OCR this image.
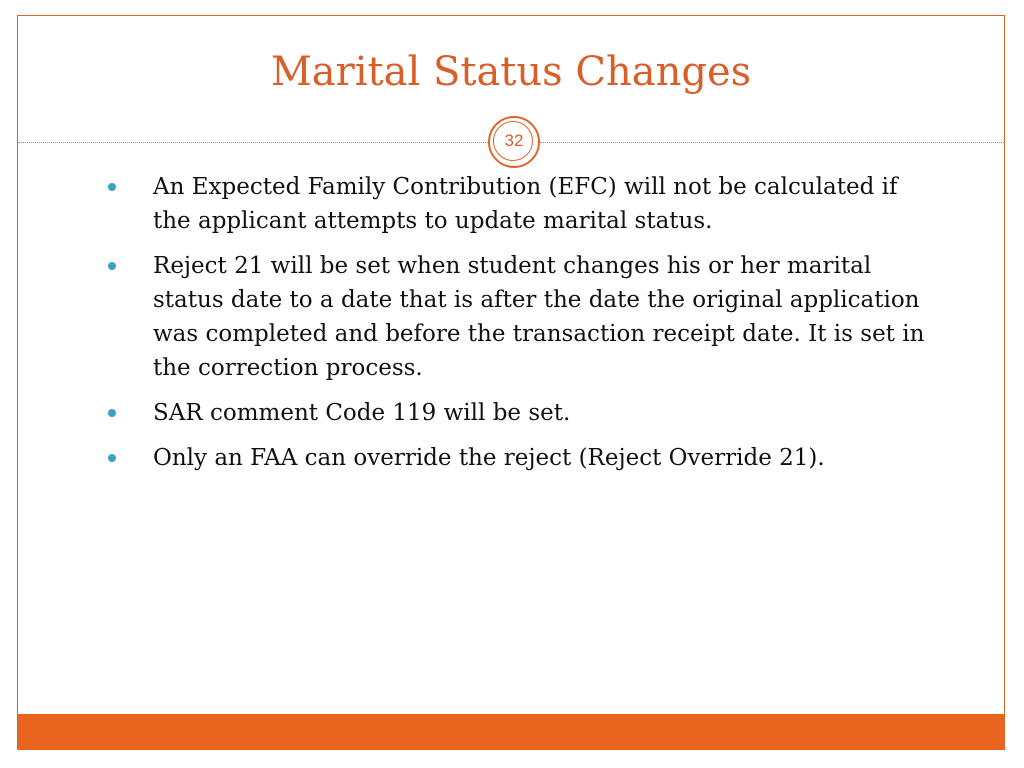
Marital Status Changes
32
An Expected Family Contribution (EFC) will not be calculated if the applicant attempts to update marital status.
Reject 21 will be set when student changes his or her marital status date to a date that is after the date the original application was completed and before the transaction receipt date. It is set in the correction process.
SAR comment Code 119 will be set.
Only an FAA can override the reject (Reject Override 21).
